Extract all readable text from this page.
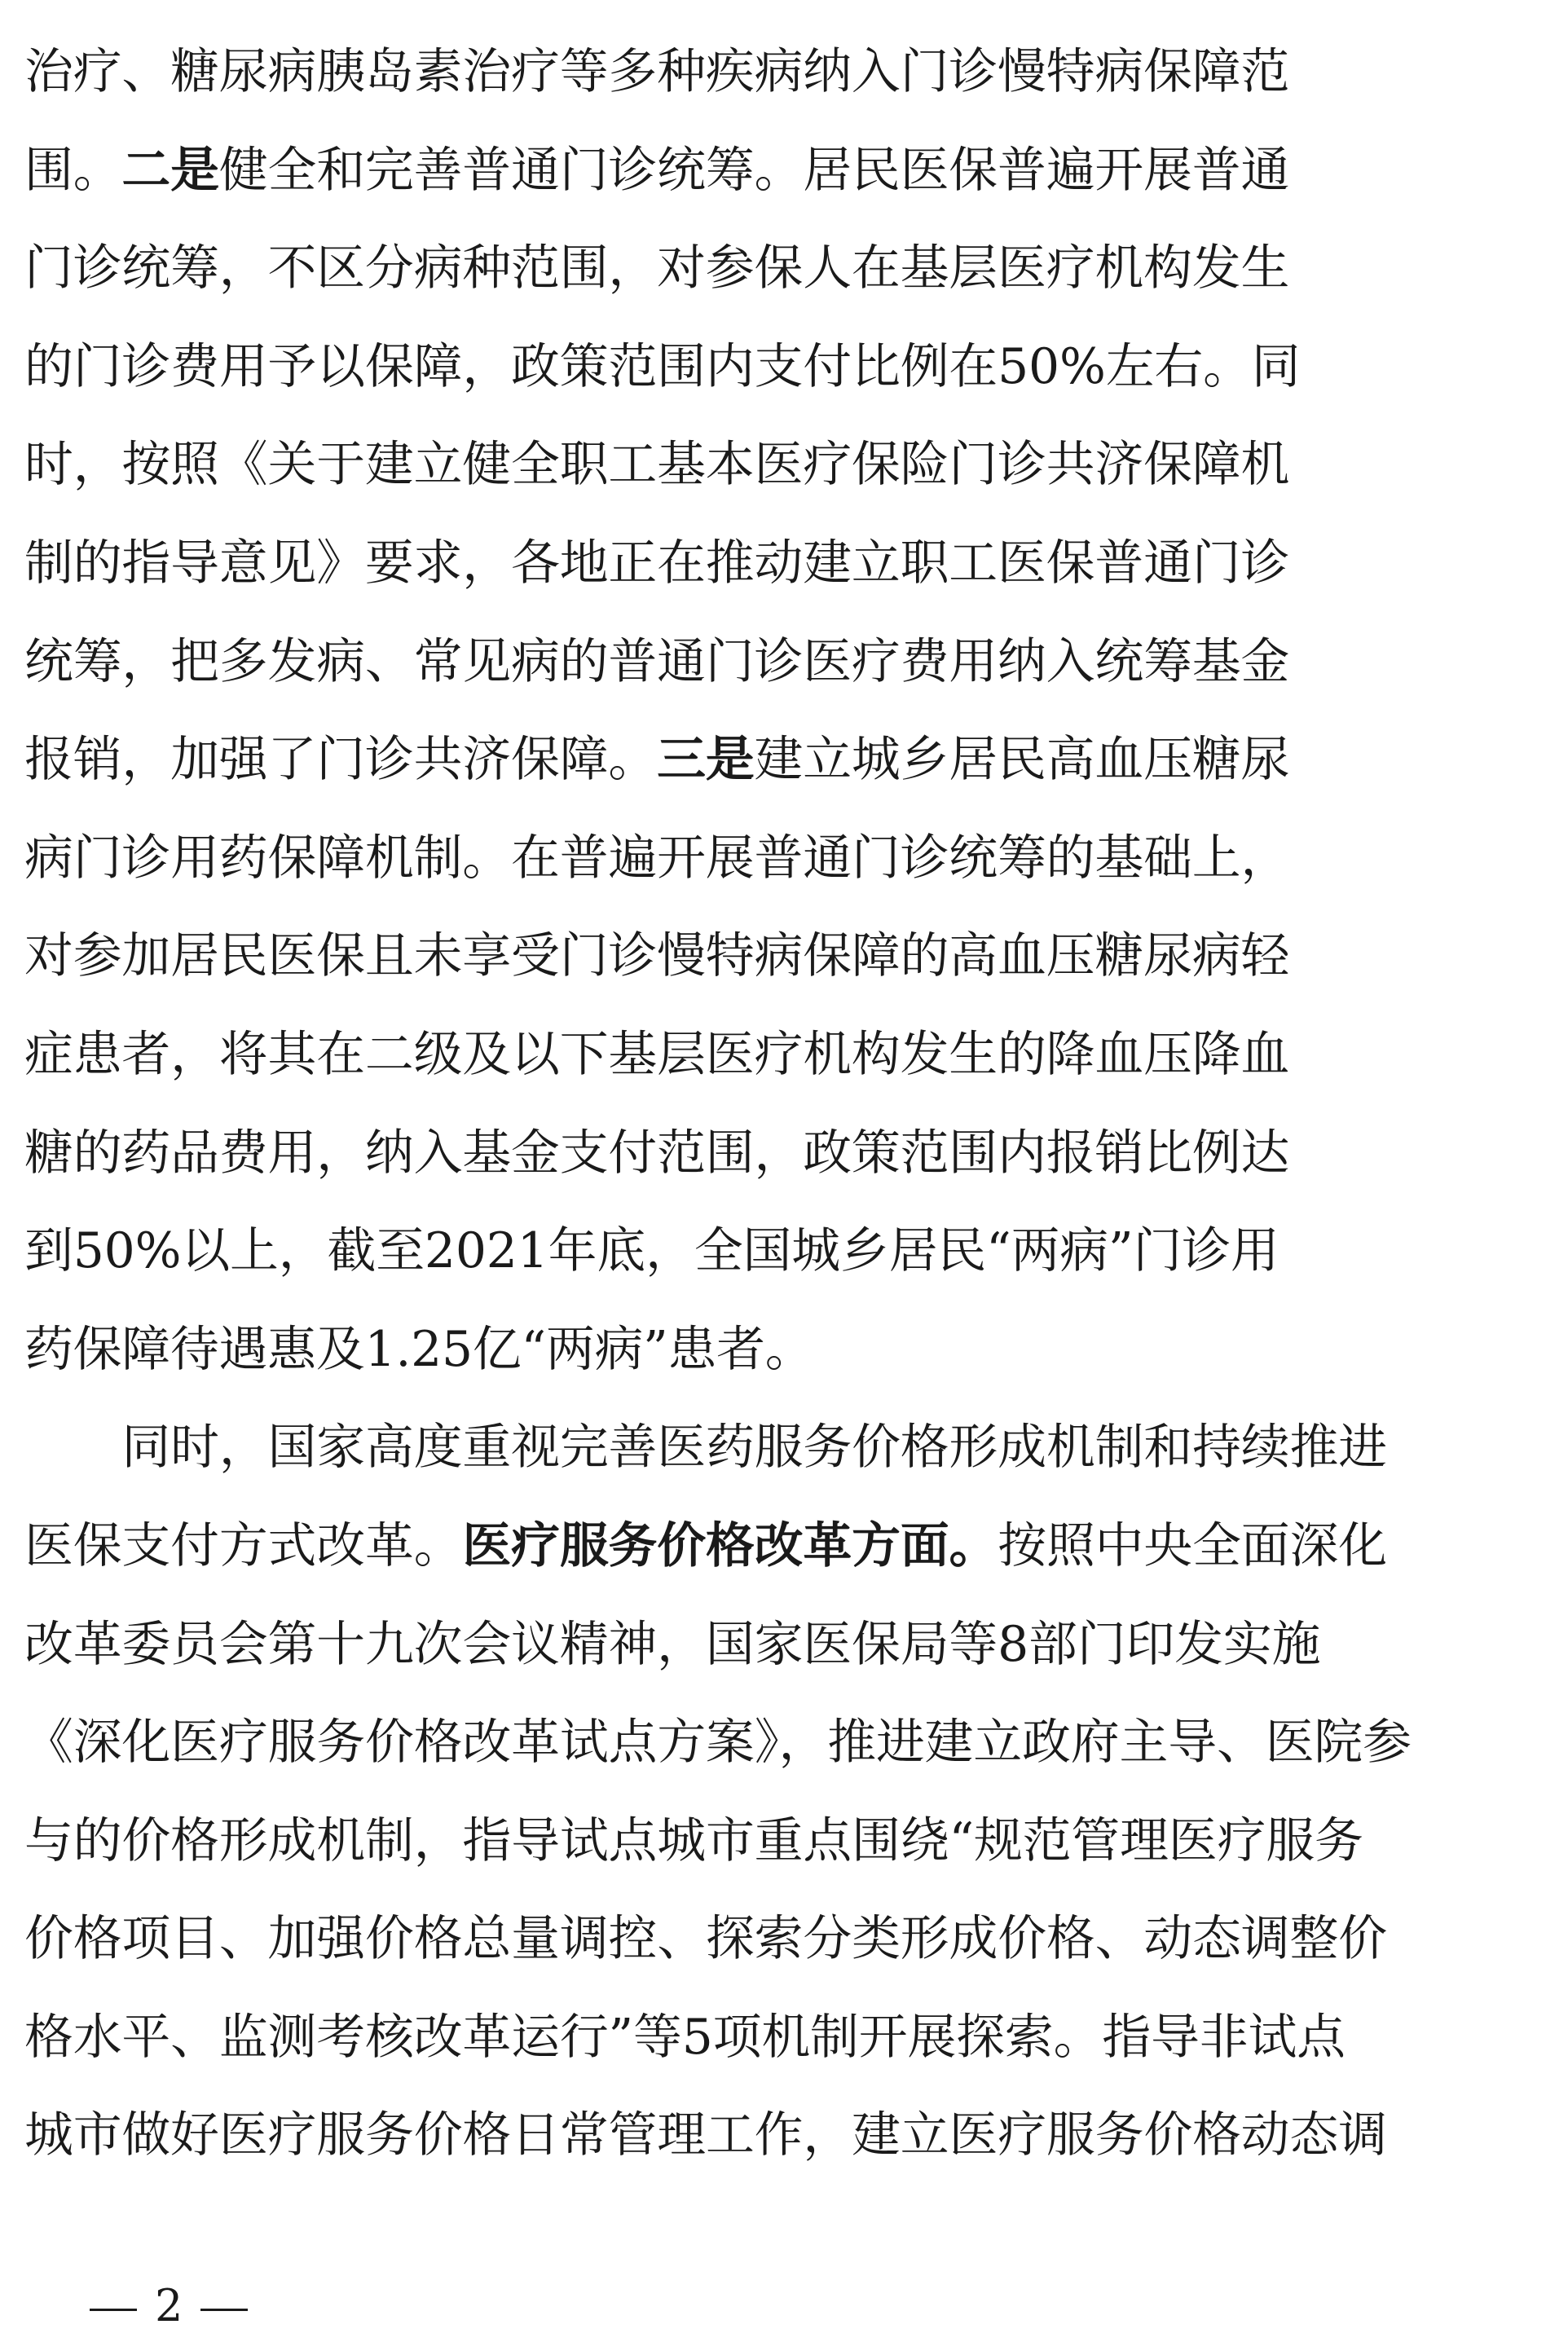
治疗、糖尿病胰岛素治疗等多种疾病纳入门诊慢特病保障范
围。二是健全和完善普通门诊统筹。居民医保普遍开展普通
门诊统筹，不区分病种范围，对参保人在基层医疗机构发生
的门诊费用予以保障，政策范围内支付比例在50%左右。同
时，按照《关于建立健全职工基本医疗保险门诊共济保障机
制的指导意见》要求，各地正在推动建立职工医保普通门诊
统筹，把多发病、常见病的普通门诊医疗费用纳入统筹基金
报销，加强了门诊共济保障。三是建立城乡居民高血压糖尿
病门诊用药保障机制。在普遍开展普通门诊统筹的基础上，
对参加居民医保且未享受门诊慢特病保障的高血压糖尿病轻
症患者，将其在二级及以下基层医疗机构发生的降血压降血
糖的药品费用，纳入基金支付范围，政策范围内报销比例达
到50%以上，截至2021年底，全国城乡居民“两病”门诊用
药保障待遇惠及1.25亿“两病”患者。
　　同时，国家高度重视完善医药服务价格形成机制和持续推进
医保支付方式改革。医疗服务价格改革方面。按照中央全面深化
改革委员会第十九次会议精神，国家医保局等8部门印发实施
《深化医疗服务价格改革试点方案》，推进建立政府主导、医院参
与的价格形成机制，指导试点城市重点围绕“规范管理医疗服务
价格项目、加强价格总量调控、探索分类形成价格、动态调整价
格水平、监测考核改革运行”等5项机制开展探索。指导非试点
城市做好医疗服务价格日常管理工作，建立医疗服务价格动态调
2
